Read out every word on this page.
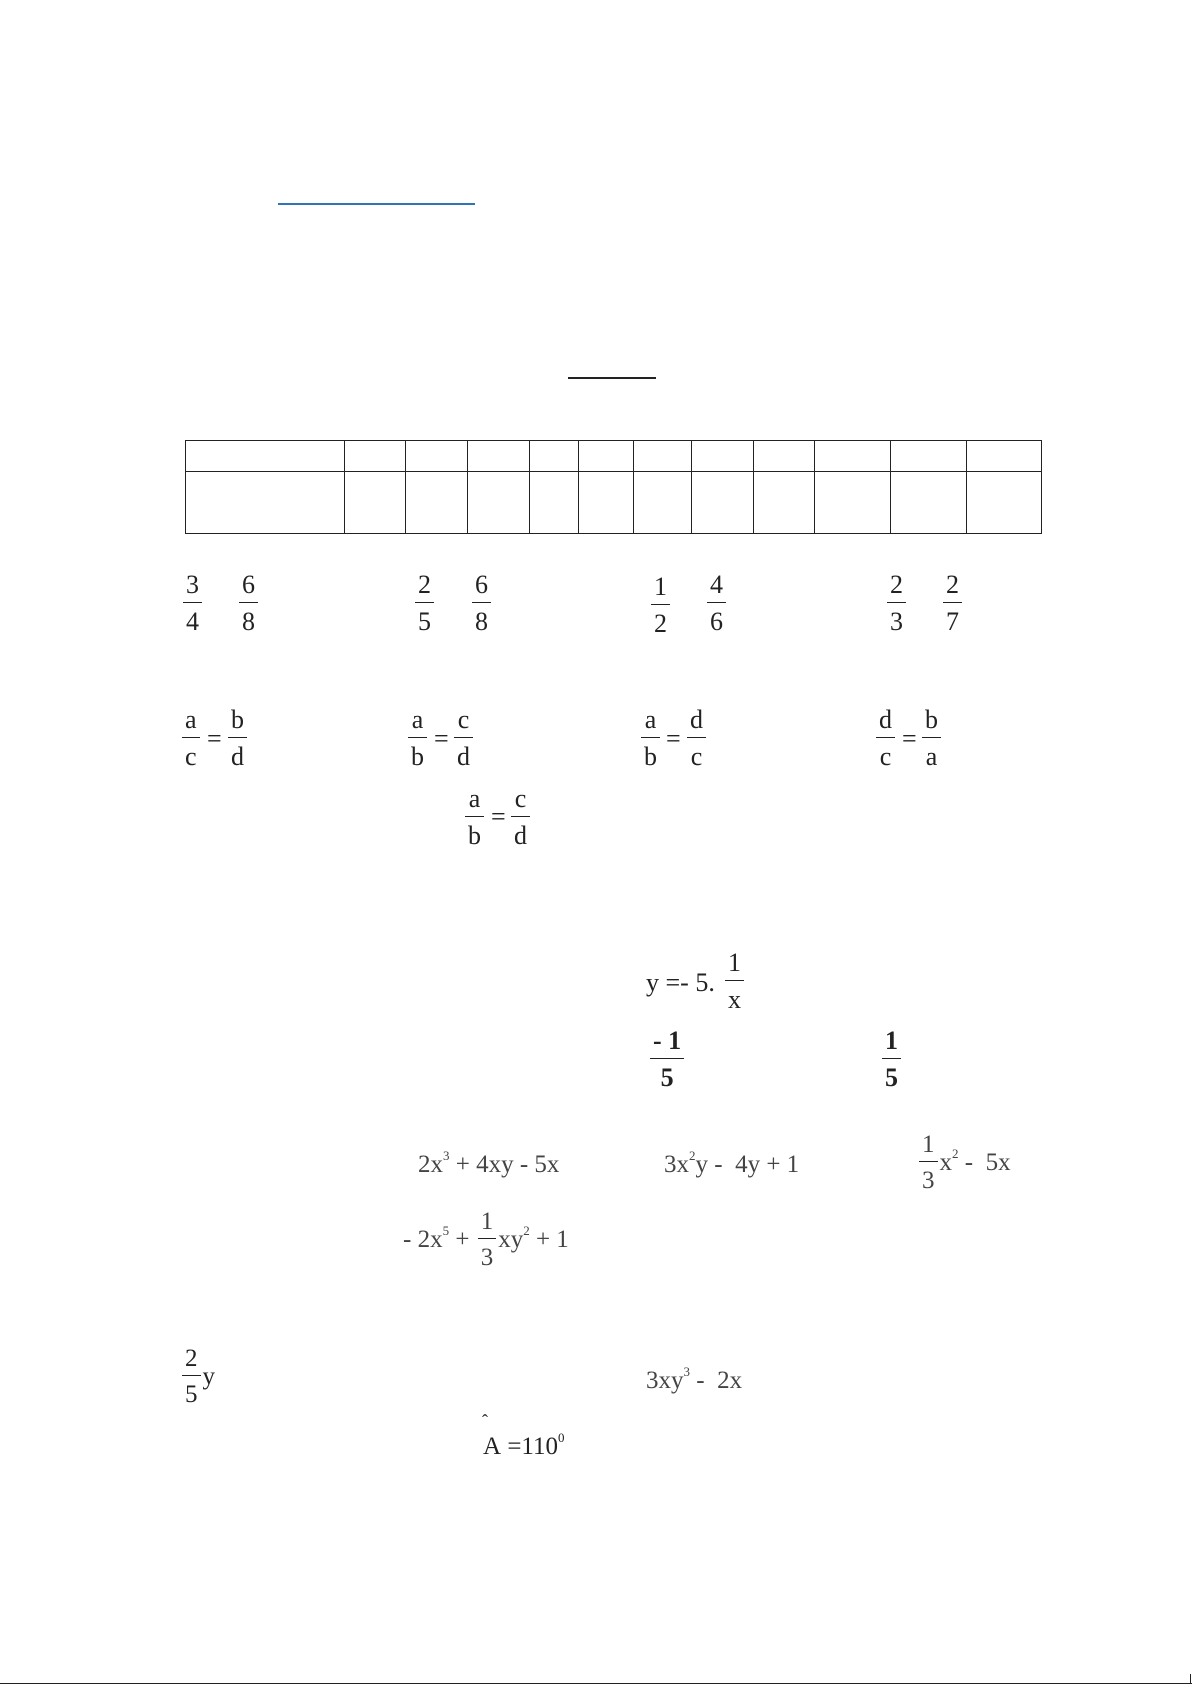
3
4
6
8
2
5
6
8
1
2
4
6
2
3
2
7
a
c
=
b
d
a
b
=
c
d
a
b
=
d
c
d
c
=
b
a
a
b
=
c
d
y =- 5.
1
x
- 1
5
1
5
$2x^3 + 4xy - 5x$	$3x^2$ y -  4y + 1	$\frac{1}{3} x^2 - 5x$
- $2x^5 + \frac{1}{3} xy^2 + 1$
$\frac{2}{5}$ y	$3xy^3 - 2x$
$A =110^0$
